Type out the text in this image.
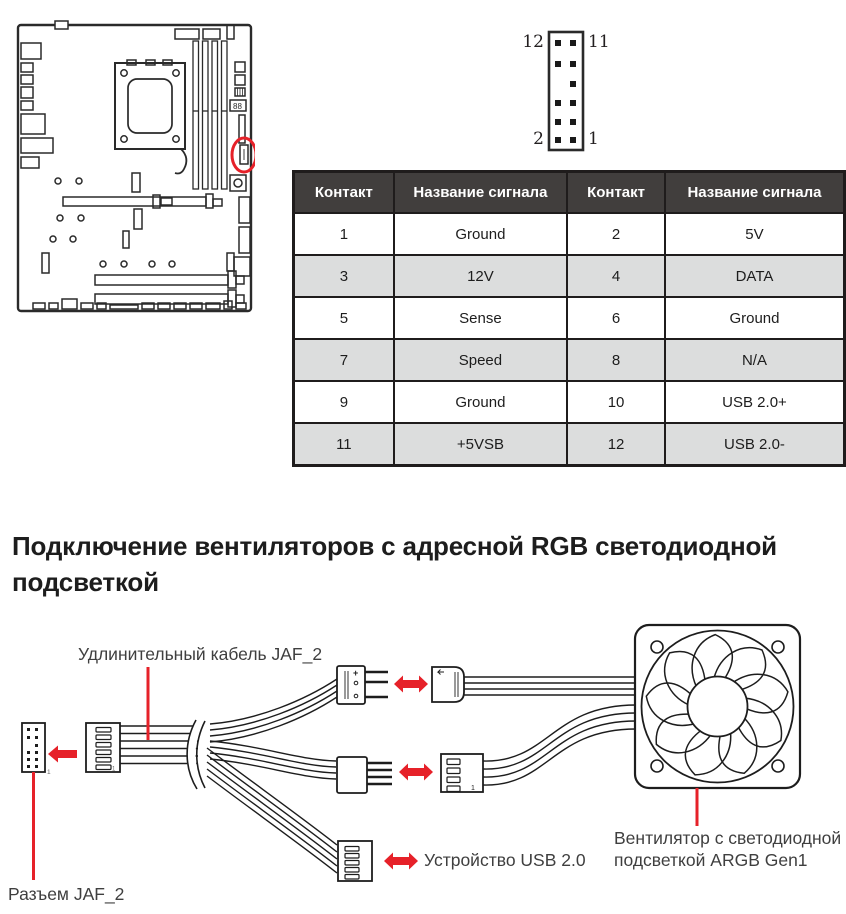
88
12	11
2	1
Контакт	Название сигнала	Контакт	Название сигнала
1	Ground	2	5V
3	12V	4	DATA
5	Sense	6	Ground
7	Speed	8	N/A
9	Ground	10	USB 2.0+
11	+5VSB	12	USB 2.0-
Подключение вентиляторов с адресной RGB светодиодной подсветкой
1	1
+
1
Удлинительный кабель JAF_2
Разъем JAF_2
Устройство USB 2.0
Вентилятор с светодиодной подсветкой ARGB Gen1
